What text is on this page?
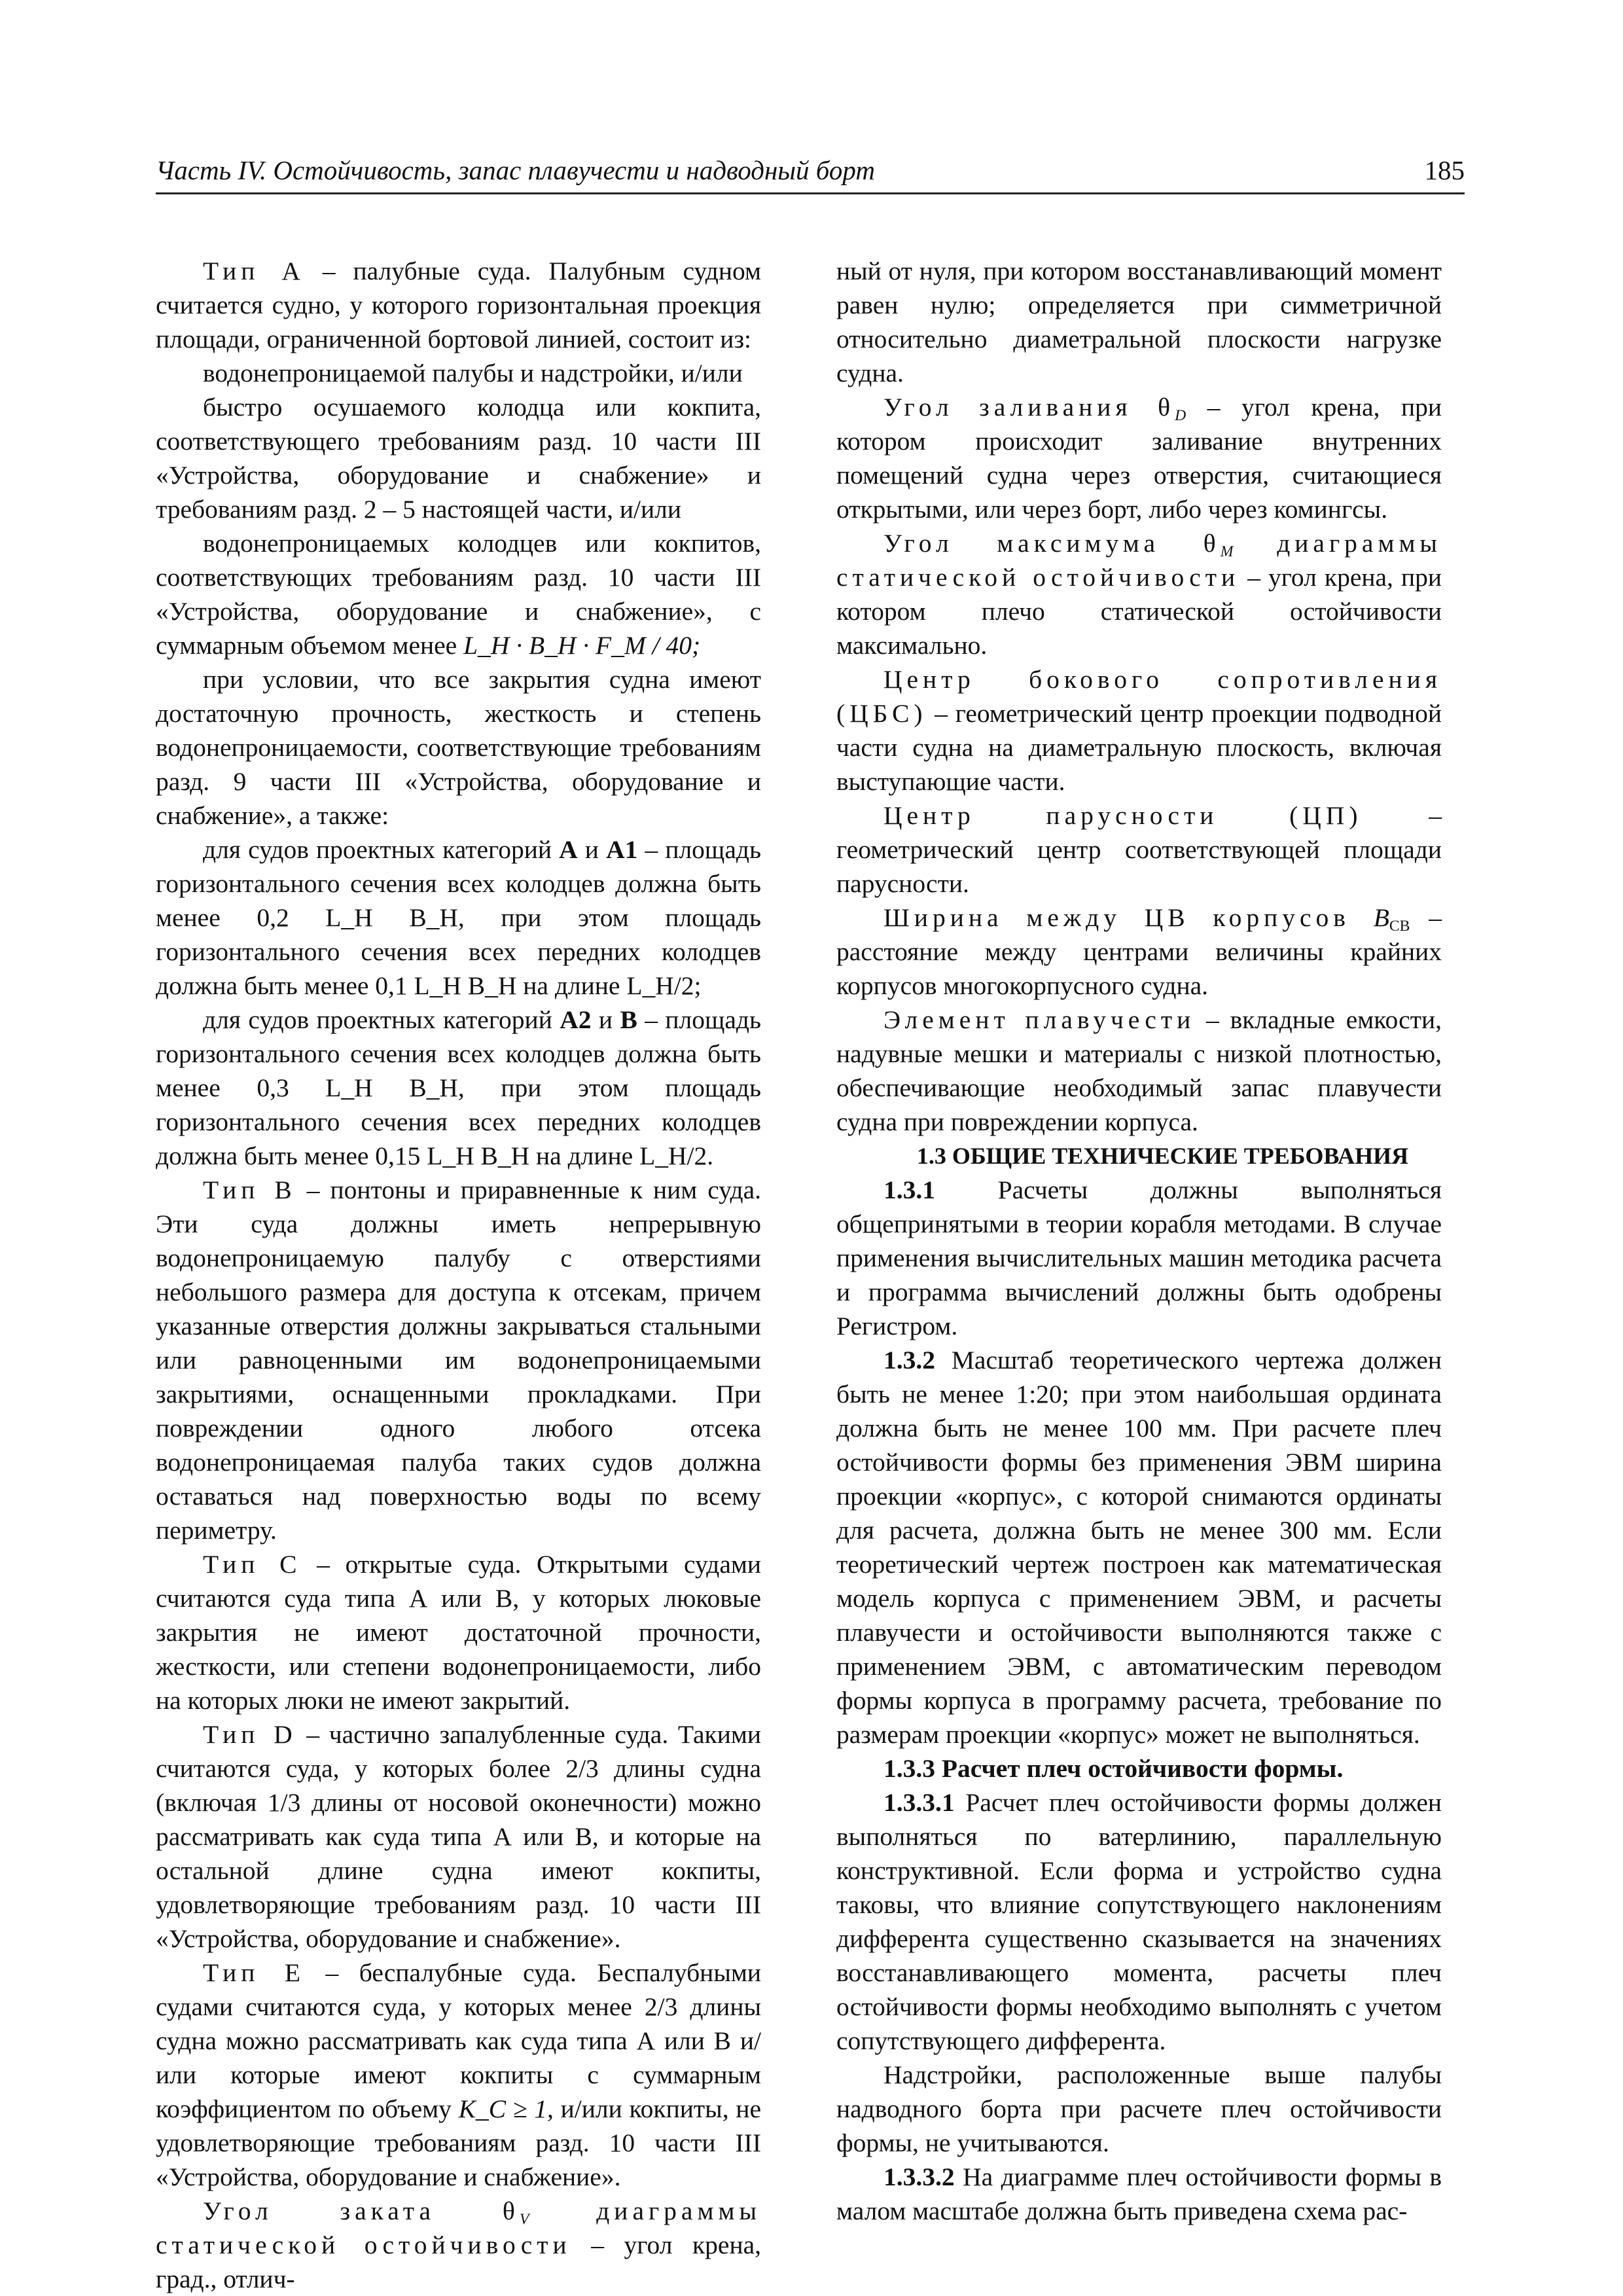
Часть IV. Остойчивость, запас плавучести и надводный борт	185

Тип А – палубные суда. Палубным судном считается судно, у которого горизонтальная проекция площади, ограниченной бортовой линией, состоит из:

водонепроницаемой палубы и надстройки, и/или

быстро осушаемого колодца или кокпита, соответствующего требованиям разд. 10 части III «Устройства, оборудование и снабжение» и требованиям разд. 2 – 5 настоящей части, и/или

водонепроницаемых колодцев или кокпитов, соответствующих требованиям разд. 10 части III «Устройства, оборудование и снабжение», с суммарным объемом менее L_H · B_H · F_M / 40;

при условии, что все закрытия судна имеют достаточную прочность, жесткость и степень водонепроницаемости, соответствующие требованиям разд. 9 части III «Устройства, оборудование и снабжение», а также:

для судов проектных категорий A и A1 – площадь горизонтального сечения всех колодцев должна быть менее 0,2 L_H B_H, при этом площадь горизонтального сечения всех передних колодцев должна быть менее 0,1 L_H B_H на длине L_H/2;

для судов проектных категорий A2 и B – площадь горизонтального сечения всех колодцев должна быть менее 0,3 L_H B_H, при этом площадь горизонтального сечения всех передних колодцев должна быть менее 0,15 L_H B_H на длине L_H/2.

Тип B – понтоны и приравненные к ним суда. Эти суда должны иметь непрерывную водонепроницаемую палубу с отверстиями небольшого размера для доступа к отсекам, причем указанные отверстия должны закрываться стальными или равноценными им водонепроницаемыми закрытиями, оснащенными прокладками. При повреждении одного любого отсека водонепроницаемая палуба таких судов должна оставаться над поверхностью воды по всему периметру.

Тип C – открытые суда. Открытыми судами считаются суда типа А или В, у которых люковые закрытия не имеют достаточной прочности, жесткости, или степени водонепроницаемости, либо на которых люки не имеют закрытий.

Тип D – частично запалубленные суда. Такими считаются суда, у которых более 2/3 длины судна (включая 1/3 длины от носовой оконечности) можно рассматривать как суда типа А или В, и которые на остальной длине судна имеют кокпиты, удовлетворяющие требованиям разд. 10 части III «Устройства, оборудование и снабжение».

Тип E – беспалубные суда. Беспалубными судами считаются суда, у которых менее 2/3 длины судна можно рассматривать как суда типа А или В и/или которые имеют кокпиты с суммарным коэффициентом по объему K_C ≥ 1, и/или кокпиты, не удовлетворяющие требованиям разд. 10 части III «Устройства, оборудование и снабжение».

Угол заката $\theta_V$ диаграммы статической остойчивости – угол крена, град., отлич-

ный от нуля, при котором восстанавливающий момент равен нулю; определяется при симметричной относительно диаметральной плоскости нагрузке судна.

Угол заливания $\theta_D$ – угол крена, при котором происходит заливание внутренних помещений судна через отверстия, считающиеся открытыми, или через борт, либо через комингсы.

Угол максимума $\theta_M$ диаграммы статической остойчивости – угол крена, при котором плечо статической остойчивости максимально.

Центр бокового сопротивления (ЦБС) – геометрический центр проекции подводной части судна на диаметральную плоскость, включая выступающие части.

Центр парусности (ЦП) – геометрический центр соответствующей площади парусности.

Ширина между ЦВ корпусов $B_{СВ}$ – расстояние между центрами величины крайних корпусов многокорпусного судна.

Элемент плавучести – вкладные емкости, надувные мешки и материалы с низкой плотностью, обеспечивающие необходимый запас плавучести судна при повреждении корпуса.

1.3 ОБЩИЕ ТЕХНИЧЕСКИЕ ТРЕБОВАНИЯ

1.3.1 Расчеты должны выполняться общепринятыми в теории корабля методами. В случае применения вычислительных машин методика расчета и программа вычислений должны быть одобрены Регистром.

1.3.2 Масштаб теоретического чертежа должен быть не менее 1:20; при этом наибольшая ордината должна быть не менее 100 мм. При расчете плеч остойчивости формы без применения ЭВМ ширина проекции «корпус», с которой снимаются ординаты для расчета, должна быть не менее 300 мм. Если теоретический чертеж построен как математическая модель корпуса с применением ЭВМ, и расчеты плавучести и остойчивости выполняются также с применением ЭВМ, с автоматическим переводом формы корпуса в программу расчета, требование по размерам проекции «корпус» может не выполняться.

1.3.3 Расчет плеч остойчивости формы.

1.3.3.1 Расчет плеч остойчивости формы должен выполняться по ватерлинию, параллельную конструктивной. Если форма и устройство судна таковы, что влияние сопутствующего наклонениям дифферента существенно сказывается на значениях восстанавливающего момента, расчеты плеч остойчивости формы необходимо выполнять с учетом сопутствующего дифферента.

Надстройки, расположенные выше палубы надводного борта при расчете плеч остойчивости формы, не учитываются.

1.3.3.2 На диаграмме плеч остойчивости формы в малом масштабе должна быть приведена схема рас-
